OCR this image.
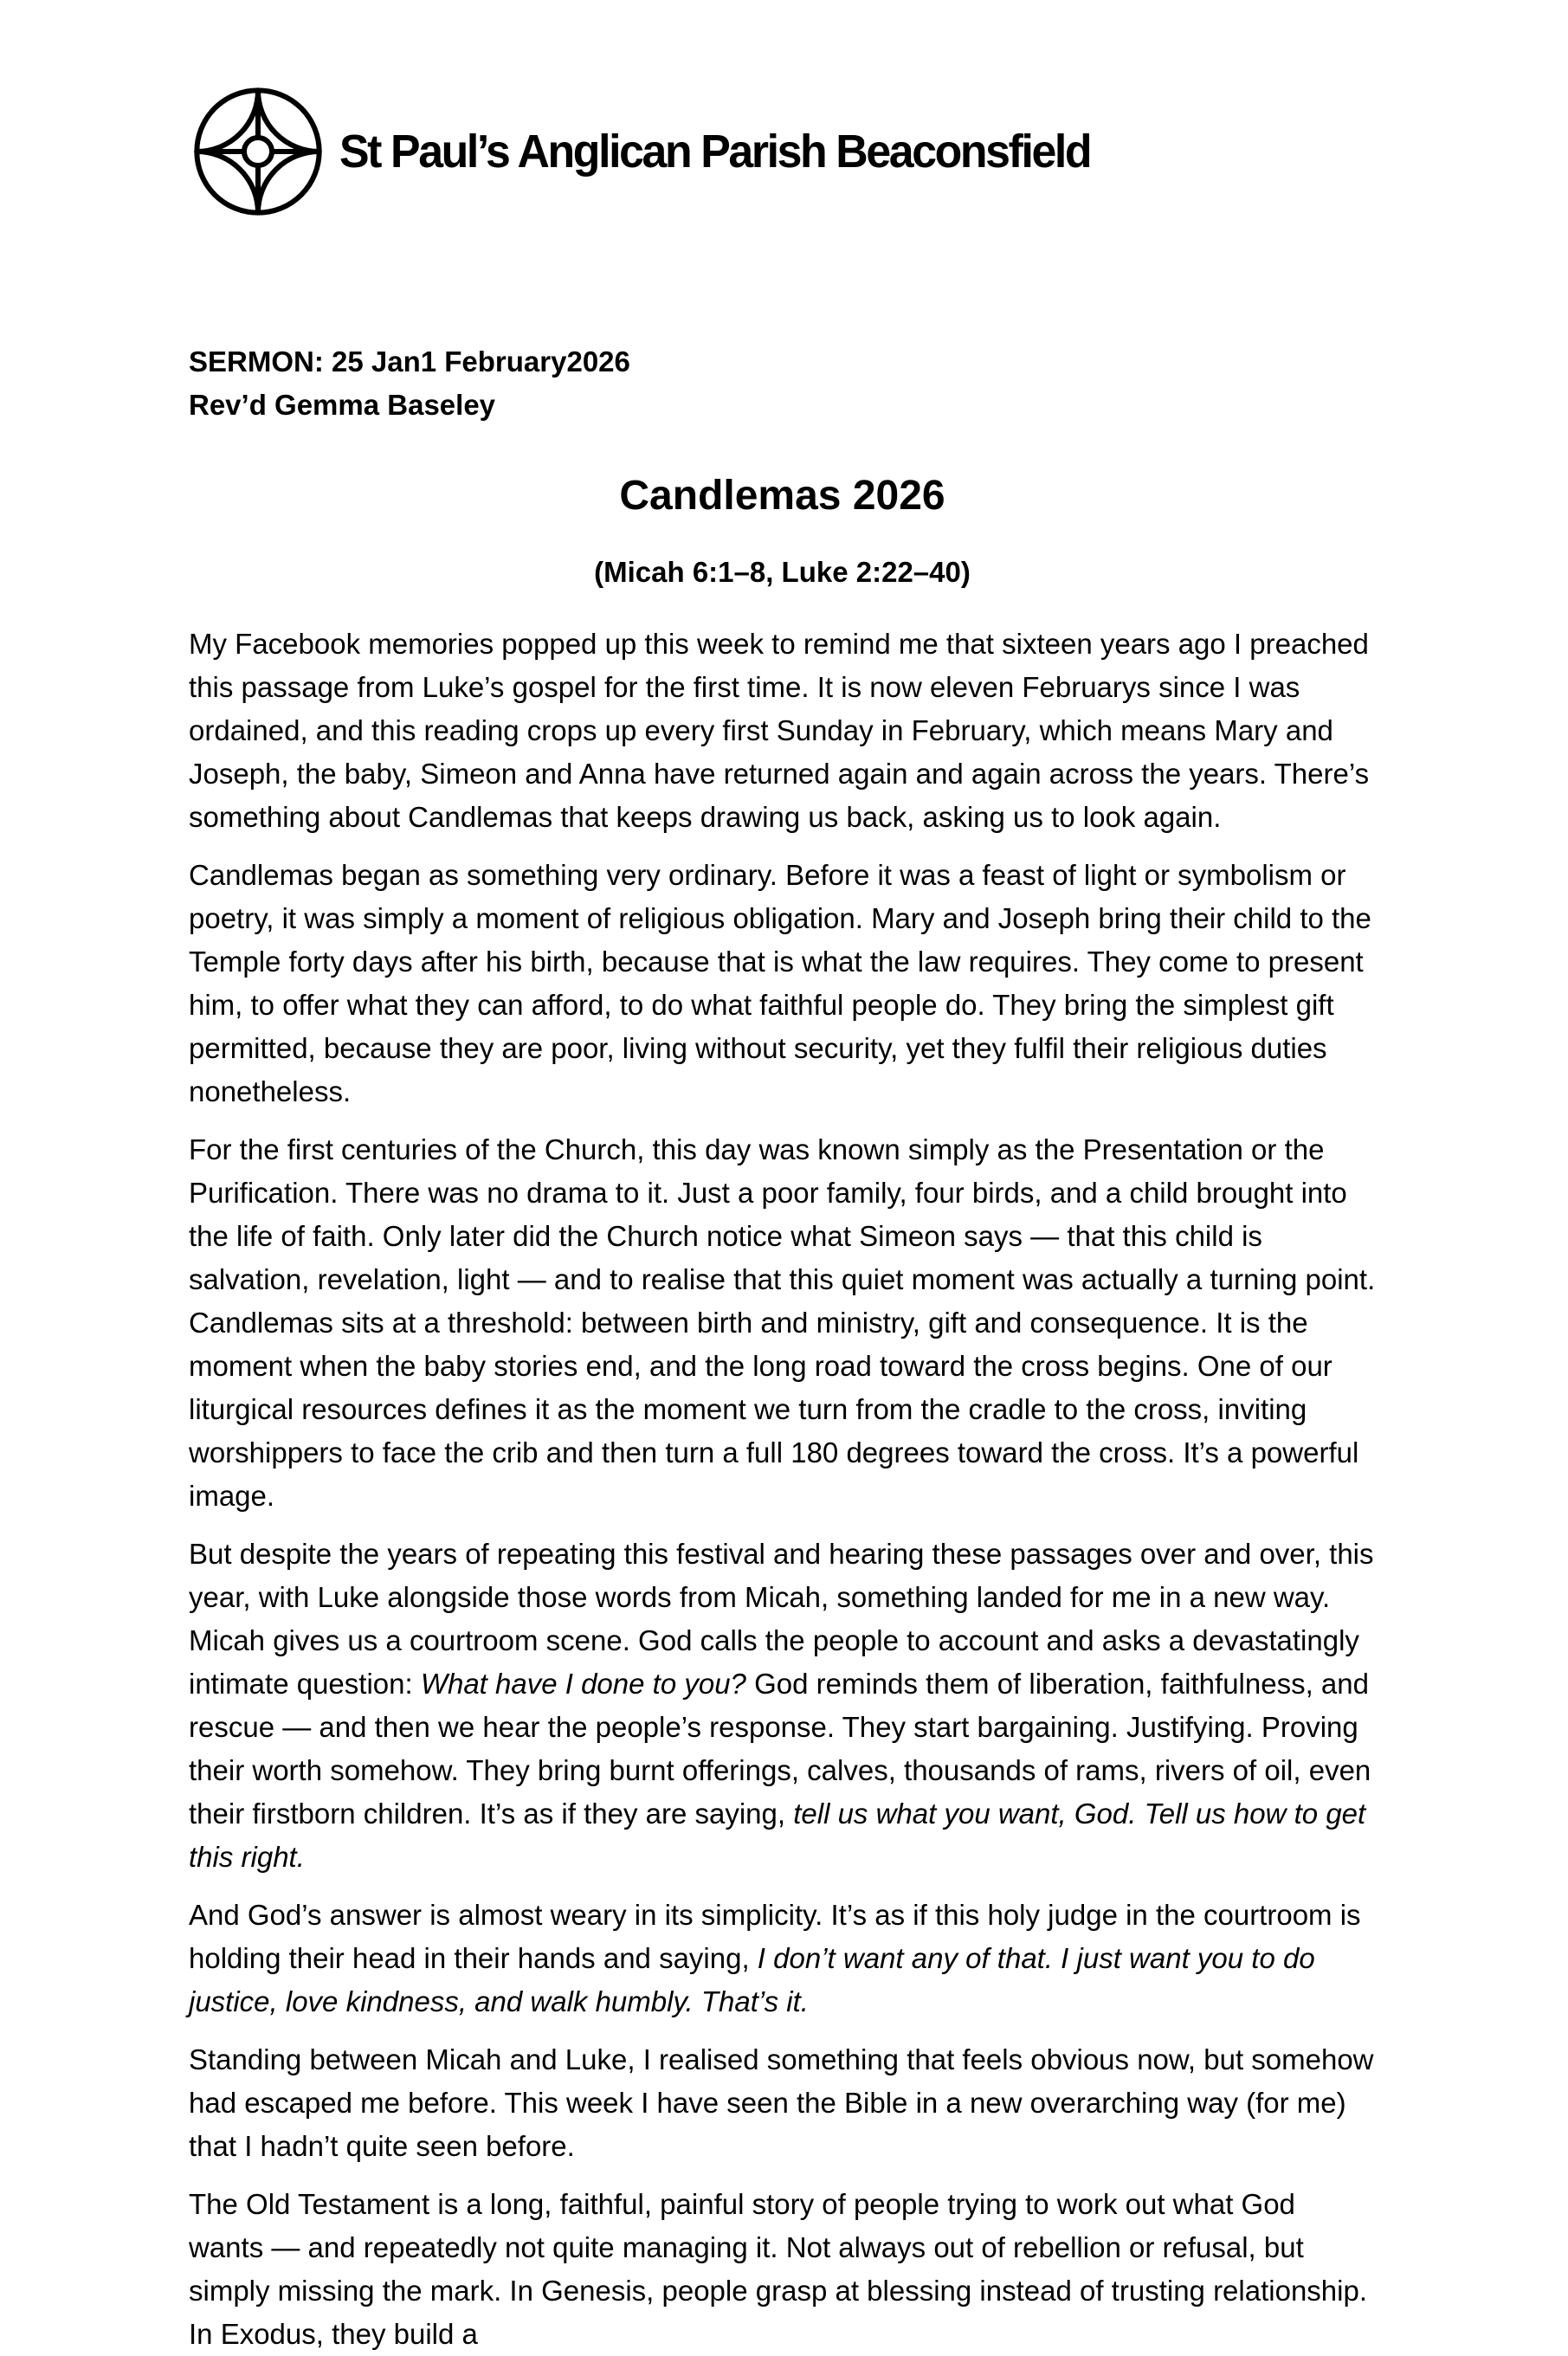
St Paul’s Anglican Parish Beaconsfield

SERMON: 25 Jan1 February2026

Rev’d Gemma Baseley

Candlemas 2026

(Micah 6:1–8, Luke 2:22–40)

My Facebook memories popped up this week to remind me that sixteen years ago I preached this passage from Luke’s gospel for the first time. It is now eleven Februarys since I was ordained, and this reading crops up every first Sunday in February, which means Mary and Joseph, the baby, Simeon and Anna have returned again and again across the years. There’s something about Candlemas that keeps drawing us back, asking us to look again.

Candlemas began as something very ordinary. Before it was a feast of light or symbolism or poetry, it was simply a moment of religious obligation. Mary and Joseph bring their child to the Temple forty days after his birth, because that is what the law requires. They come to present him, to offer what they can afford, to do what faithful people do. They bring the simplest gift permitted, because they are poor, living without security, yet they fulfil their religious duties nonetheless.

For the first centuries of the Church, this day was known simply as the Presentation or the Purification. There was no drama to it. Just a poor family, four birds, and a child brought into the life of faith. Only later did the Church notice what Simeon says — that this child is salvation, revelation, light — and to realise that this quiet moment was actually a turning point. Candlemas sits at a threshold: between birth and ministry, gift and consequence. It is the moment when the baby stories end, and the long road toward the cross begins. One of our liturgical resources defines it as the moment we turn from the cradle to the cross, inviting worshippers to face the crib and then turn a full 180 degrees toward the cross. It’s a powerful image.

But despite the years of repeating this festival and hearing these passages over and over, this year, with Luke alongside those words from Micah, something landed for me in a new way. Micah gives us a courtroom scene. God calls the people to account and asks a devastatingly intimate question: What have I done to you? God reminds them of liberation, faithfulness, and rescue — and then we hear the people’s response. They start bargaining. Justifying. Proving their worth somehow. They bring burnt offerings, calves, thousands of rams, rivers of oil, even their firstborn children. It’s as if they are saying, tell us what you want, God. Tell us how to get this right.

And God’s answer is almost weary in its simplicity. It’s as if this holy judge in the courtroom is holding their head in their hands and saying, I don’t want any of that. I just want you to do justice, love kindness, and walk humbly. That’s it.

Standing between Micah and Luke, I realised something that feels obvious now, but somehow had escaped me before. This week I have seen the Bible in a new overarching way (for me) that I hadn’t quite seen before.

The Old Testament is a long, faithful, painful story of people trying to work out what God wants — and repeatedly not quite managing it. Not always out of rebellion or refusal, but simply missing the mark. In Genesis, people grasp at blessing instead of trusting relationship. In Exodus, they build a
